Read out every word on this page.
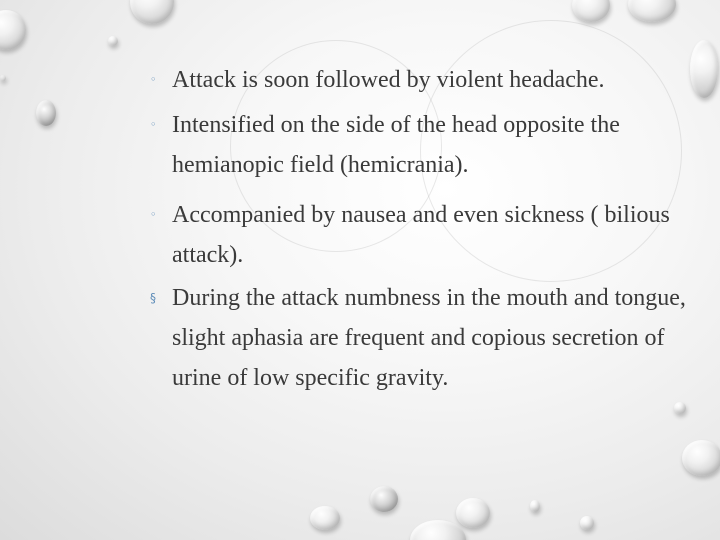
◦ Attack is soon followed by violent headache.
◦ Intensified on the side of the head opposite the hemianopic field (hemicrania).
◦ Accompanied by nausea and even sickness ( bilious attack).
§ During the attack numbness in the mouth and tongue, slight aphasia are frequent and copious secretion of urine of low specific gravity.
